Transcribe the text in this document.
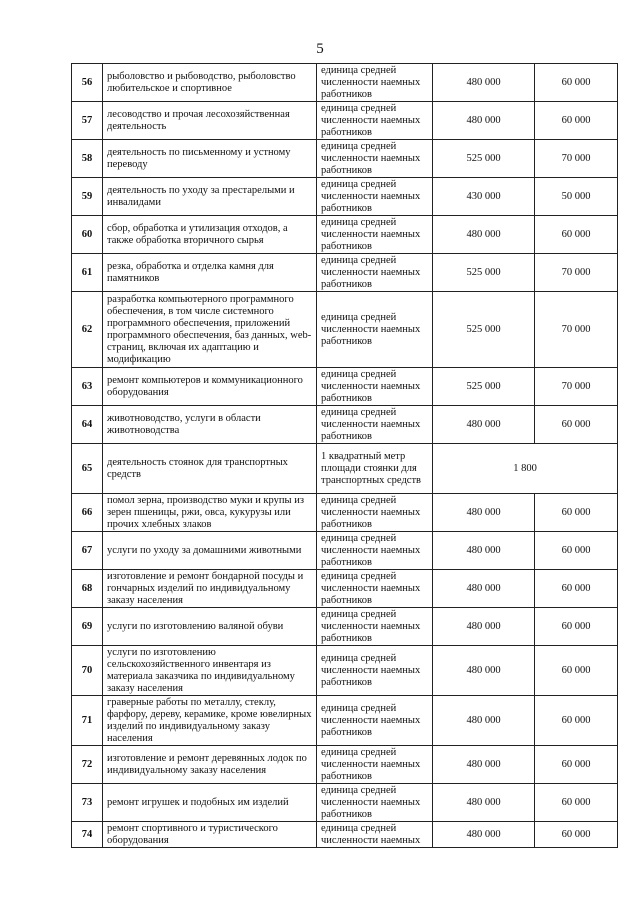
5
56	рыболовство и рыбоводство, рыболовство любительское и спортивное	единица средней численности наемных работников	480 000	60 000
57	лесоводство и прочая лесохозяйственная деятельность	единица средней численности наемных работников	480 000	60 000
58	деятельность по письменному и устному переводу	единица средней численности наемных работников	525 000	70 000
59	деятельность по уходу за престарелыми и инвалидами	единица средней численности наемных работников	430 000	50 000
60	сбор, обработка и утилизация отходов, а также обработка вторичного сырья	единица средней численности наемных работников	480 000	60 000
61	резка, обработка и отделка камня для памятников	единица средней численности наемных работников	525 000	70 000
62	разработка компьютерного программного обеспечения, в том числе системного программного обеспечения, приложений программного обеспечения, баз данных, web-страниц, включая их адаптацию и модификацию	единица средней численности наемных работников	525 000	70 000
63	ремонт компьютеров и коммуникационного оборудования	единица средней численности наемных работников	525 000	70 000
64	животноводство, услуги в области животноводства	единица средней численности наемных работников	480 000	60 000
65	деятельность стоянок для транспортных средств	1 квадратный метр площади стоянки для транспортных средств	1 800	
66	помол зерна, производство муки и крупы из зерен пшеницы, ржи, овса, кукурузы или прочих хлебных злаков	единица средней численности наемных работников	480 000	60 000
67	услуги по уходу за домашними животными	единица средней численности наемных работников	480 000	60 000
68	изготовление и ремонт бондарной посуды и гончарных изделий по индивидуальному заказу населения	единица средней численности наемных работников	480 000	60 000
69	услуги по изготовлению валяной обуви	единица средней численности наемных работников	480 000	60 000
70	услуги по изготовлению сельскохозяйственного инвентаря из материала заказчика по индивидуальному заказу населения	единица средней численности наемных работников	480 000	60 000
71	граверные работы по металлу, стеклу, фарфору, дереву, керамике, кроме ювелирных изделий по индивидуальному заказу населения	единица средней численности наемных работников	480 000	60 000
72	изготовление и ремонт деревянных лодок по индивидуальному заказу населения	единица средней численности наемных работников	480 000	60 000
73	ремонт игрушек и подобных им изделий	единица средней численности наемных работников	480 000	60 000
74	ремонт спортивного и туристического оборудования	единица средней численности наемных	480 000	60 000
